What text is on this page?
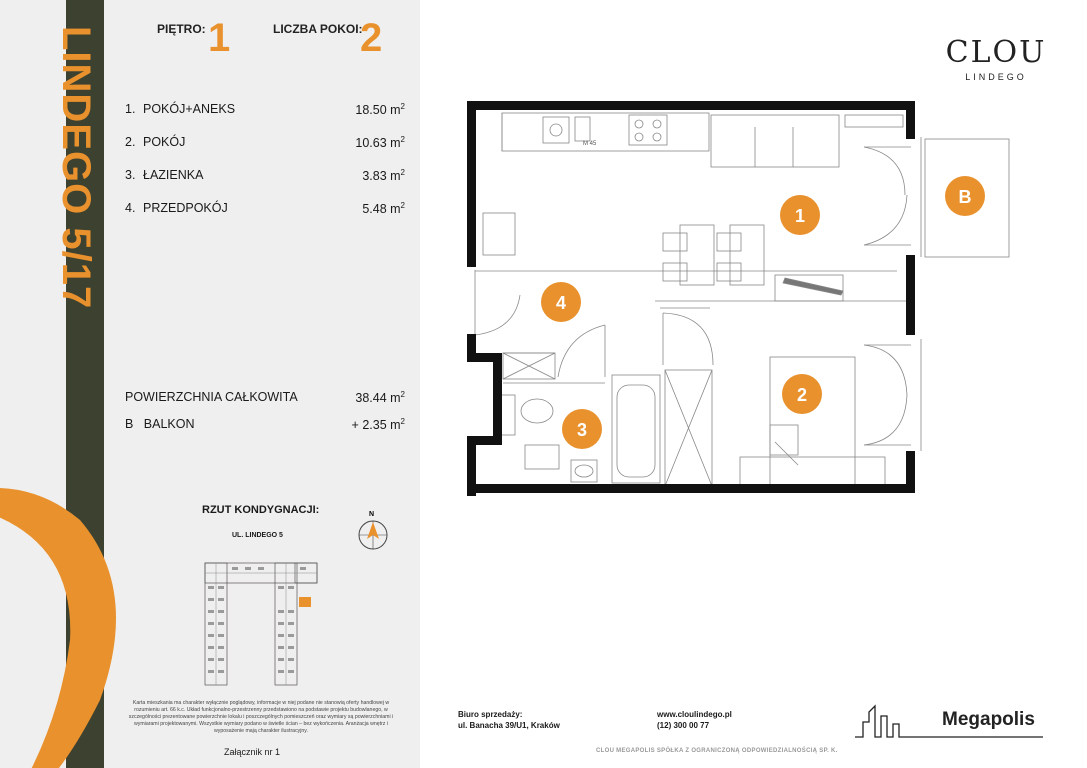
LINDEGO 5/17	PIĘTRO: 1	LICZBA POKOI:
2
1. POKÓJ+ANEKS	18.50 $m^2$
2. POKÓJ	10.63 $m^2$
3. ŁAZIENKA	3.83 $m^2$
4. PRZEDPOKÓJ	5.48 $m^2$
POWIERZCHNIA CAŁKOWITA	38.44 $m^2$
B BALKON	+ 2.35 $m^2$
RZUT KONDYGNACJI:
UL. LINDEGO 5
N
Karta mieszkania ma charakter wyłącznie poglądowy, informacje w niej podane nie stanowią oferty handlowej w rozumieniu art. 66 k.c. Układ funkcjonalno-przestrzenny przedstawiono na podstawie projektu budowlanego, w szczególności prezentowane powierzchnie lokalu i poszczególnych pomieszczeń oraz wymiary są powierzchniami i wymiarami projektowanymi. Wszystkie wymiary podano w świetle ścian – bez wykończenia. Aranżacja wnętrz i wyposażenie mają charakter ilustracyjny.
Załącznik nr 1
CLOU
LINDEGO
M 45
1
2
3
4
B
Biuro sprzedaży:
ul. Banacha 39/U1, Kraków
www.cloulindego.pl
(12) 300 00 77	Megapolis
CLOU MEGAPOLIS SPÓŁKA Z OGRANICZONĄ ODPOWIEDZIALNOŚCIĄ SP. K.
